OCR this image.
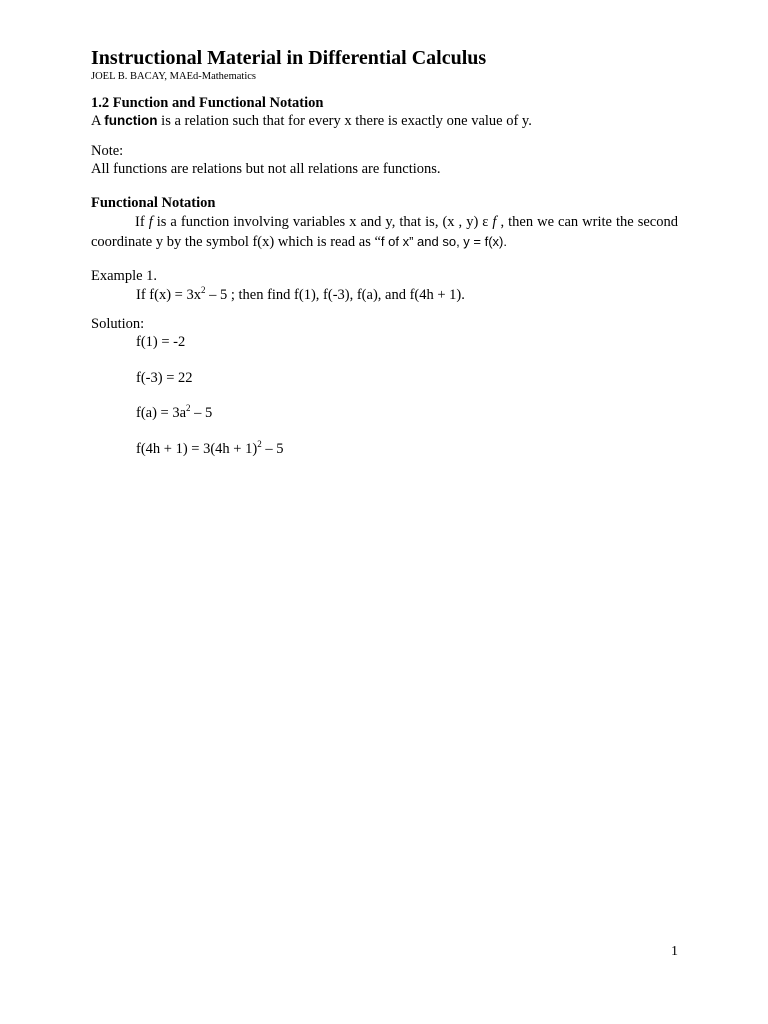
Instructional Material in Differential Calculus
JOEL B. BACAY, MAEd-Mathematics
1.2 Function and Functional Notation
A function is a relation such that for every x there is exactly one value of y.
Note:
All functions are relations but not all relations are functions.
Functional Notation
If f is a function involving variables x and y, that is, (x , y) ε f , then we can write the second coordinate y by the symbol f(x) which is read as “f of x” and so, y = f(x).
Example 1.
If $f(x) = 3x^2 - 5$ ; then find f(1), f(-3), f(a), and f(4h + 1).
Solution:
f(1) = -2
f(-3) = 22
$f(a) = 3a^2 - 5$
$f(4h + 1) = 3(4h + 1)^2 - 5$
1
